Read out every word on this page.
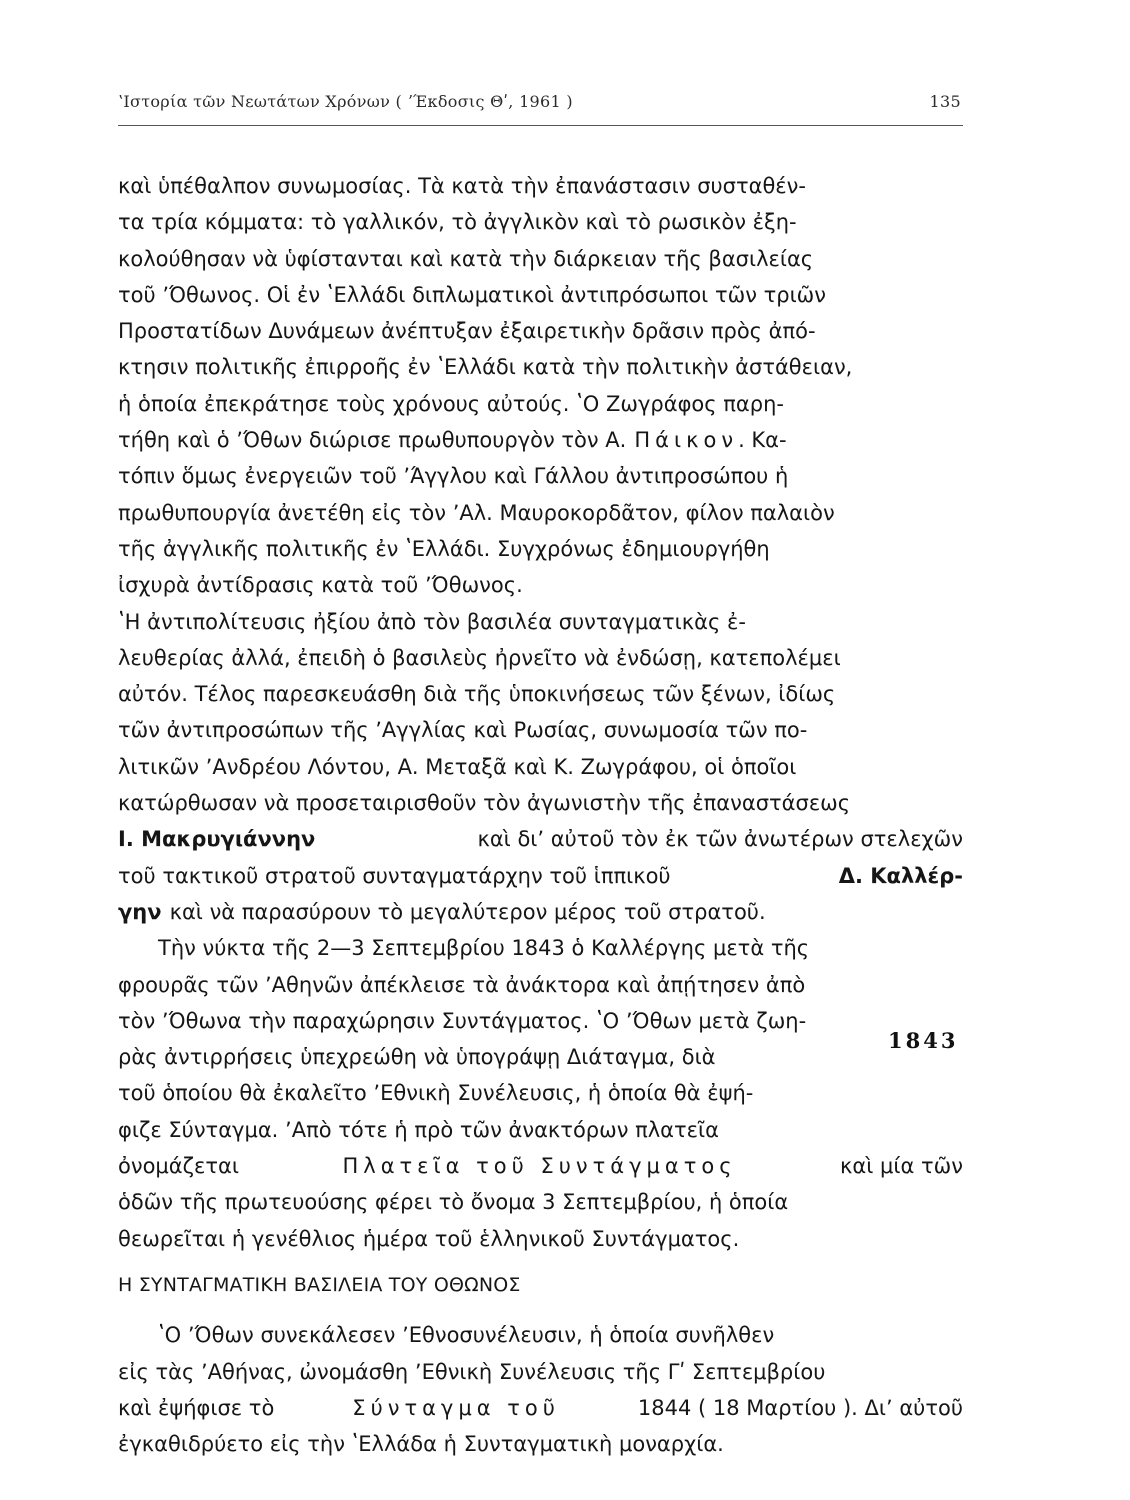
ʽΙστορία τῶν Νεωτάτων Χρόνων ( ʼΈκδοσις Θʹ, 1961 )	135
καὶ ὑπέθαλπον συνωμοσίας. Τὰ κατὰ τὴν ἐπανάστασιν συσταθέν-
τα τρία κόμματα: τὸ γαλλικόν, τὸ ἀγγλικὸν καὶ τὸ ρωσικὸν ἐξη-
κολούθησαν νὰ ὑφίστανται καὶ κατὰ τὴν διάρκειαν τῆς βασιλείας
τοῦ ʼΌθωνος. Οἱ ἐν ʽΕλλάδι διπλωματικοὶ ἀντιπρόσωποι τῶν τριῶν
Προστατίδων Δυνάμεων ἀνέπτυξαν ἐξαιρετικὴν δρᾶσιν πρὸς ἀπό-
κτησιν πολιτικῆς ἐπιρροῆς ἐν ʽΕλλάδι κατὰ τὴν πολιτικὴν ἀστάθειαν,
ἡ ὁποία ἐπεκράτησε τοὺς χρόνους αὐτούς. ʽΟ Ζωγράφος παρη-
τήθη καὶ ὁ ʼΌθων διώρισε πρωθυπουργὸν τὸν Α. Πάικον . Κα-
τόπιν ὅμως ἐνεργειῶν τοῦ ʼΆγγλου καὶ Γάλλου ἀντιπροσώπου ἡ
πρωθυπουργία ἀνετέθη εἰς τὸν ʼΑλ. Μαυροκορδᾶτον, φίλον παλαιὸν
τῆς ἀγγλικῆς πολιτικῆς ἐν ʽΕλλάδι. Συγχρόνως ἐδημιουργήθη
ἰσχυρὰ ἀντίδρασις κατὰ τοῦ ʼΌθωνος.
ʽΗ ἀντιπολίτευσις ἠξίου ἀπὸ τὸν βασιλέα συνταγματικὰς ἐ-
λευθερίας ἀλλά, ἐπειδὴ ὁ βασιλεὺς ἠρνεῖτο νὰ ἐνδώσῃ, κατεπολέμει
αὐτόν. Τέλος παρεσκευάσθη διὰ τῆς ὑποκινήσεως τῶν ξένων, ἰδίως
τῶν ἀντιπροσώπων τῆς ʼΑγγλίας καὶ Ρωσίας, συνωμοσία τῶν πο-
λιτικῶν ʼΑνδρέου Λόντου, Α. Μεταξᾶ καὶ Κ. Ζωγράφου, οἱ ὁποῖοι
κατώρθωσαν νὰ προσεταιρισθοῦν τὸν ἀγωνιστὴν τῆς ἐπαναστάσεως
Ι. Μακρυγιάννην	καὶ διʼ αὐτοῦ τὸν ἐκ τῶν ἀνωτέρων στελεχῶν
τοῦ τακτικοῦ στρατοῦ συνταγματάρχην τοῦ ἱππικοῦ	Δ. Καλλέρ-
γην καὶ νὰ παρασύρουν τὸ μεγαλύτερον μέρος τοῦ στρατοῦ.
Τὴν νύκτα τῆς 2—3 Σεπτεμβρίου 1843 ὁ Καλλέργης μετὰ τῆς
φρουρᾶς τῶν ʼΑθηνῶν ἀπέκλεισε τὰ ἀνάκτορα καὶ ἀπῄτησεν ἀπὸ
τὸν ʼΌθωνα τὴν παραχώρησιν Συντάγματος. ʽΟ ʼΌθων μετὰ ζωη-
ρὰς ἀντιρρήσεις ὑπεχρεώθη νὰ ὑπογράψῃ Διάταγμα, διὰ
τοῦ ὁποίου θὰ ἐκαλεῖτο ʼΕθνικὴ Συνέλευσις, ἡ ὁποία θὰ ἐψή-
φιζε Σύνταγμα. ʼΑπὸ τότε ἡ πρὸ τῶν ἀνακτόρων πλατεῖα
ὀνομάζεται	Πλατεῖα τοῦ Συντάγματος	καὶ μία τῶν
ὁδῶν τῆς πρωτευούσης φέρει τὸ ὄνομα 3 Σεπτεμβρίου, ἡ ὁποία
θεωρεῖται ἡ γενέθλιος ἡμέρα τοῦ ἑλληνικοῦ Συντάγματος.
Η ΣΥΝΤΑΓΜΑΤΙΚΗ ΒΑΣΙΛΕΙΑ ΤΟΥ ΟΘΩΝΟΣ
ʽΟ ʼΌθων συνεκάλεσεν ʼΕθνοσυνέλευσιν, ἡ ὁποία συνῆλθεν
εἰς τὰς ʼΑθήνας, ὠνομάσθη ʼΕθνικὴ Συνέλευσις τῆς Γʹ Σεπτεμβρίου
καὶ ἐψήφισε τὸ	Σύνταγμα τοῦ	1844 ( 18 Μαρτίου ). Διʼ αὐτοῦ
ἐγκαθιδρύετο εἰς τὴν ʽΕλλάδα ἡ Συνταγματικὴ μοναρχία.
1843
